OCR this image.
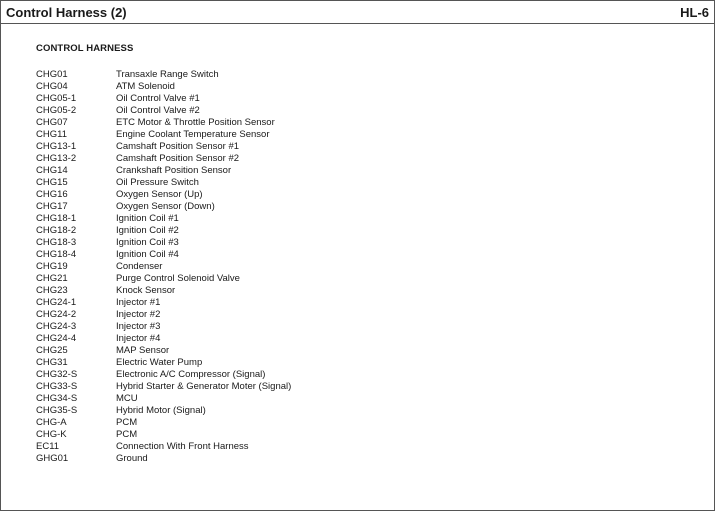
Control Harness (2)	HL-6
CONTROL HARNESS
CHG01	Transaxle Range Switch
CHG04	ATM Solenoid
CHG05-1	Oil Control Valve #1
CHG05-2	Oil Control Valve #2
CHG07	ETC Motor & Throttle Position Sensor
CHG11	Engine Coolant Temperature Sensor
CHG13-1	Camshaft Position Sensor #1
CHG13-2	Camshaft Position Sensor #2
CHG14	Crankshaft Position Sensor
CHG15	Oil Pressure Switch
CHG16	Oxygen Sensor (Up)
CHG17	Oxygen Sensor (Down)
CHG18-1	Ignition Coil #1
CHG18-2	Ignition Coil #2
CHG18-3	Ignition Coil #3
CHG18-4	Ignition Coil #4
CHG19	Condenser
CHG21	Purge Control Solenoid Valve
CHG23	Knock Sensor
CHG24-1	Injector #1
CHG24-2	Injector #2
CHG24-3	Injector #3
CHG24-4	Injector #4
CHG25	MAP Sensor
CHG31	Electric Water Pump
CHG32-S	Electronic A/C Compressor (Signal)
CHG33-S	Hybrid Starter & Generator Moter (Signal)
CHG34-S	MCU
CHG35-S	Hybrid Motor (Signal)
CHG-A	PCM
CHG-K	PCM
EC11	Connection With Front Harness
GHG01	Ground
